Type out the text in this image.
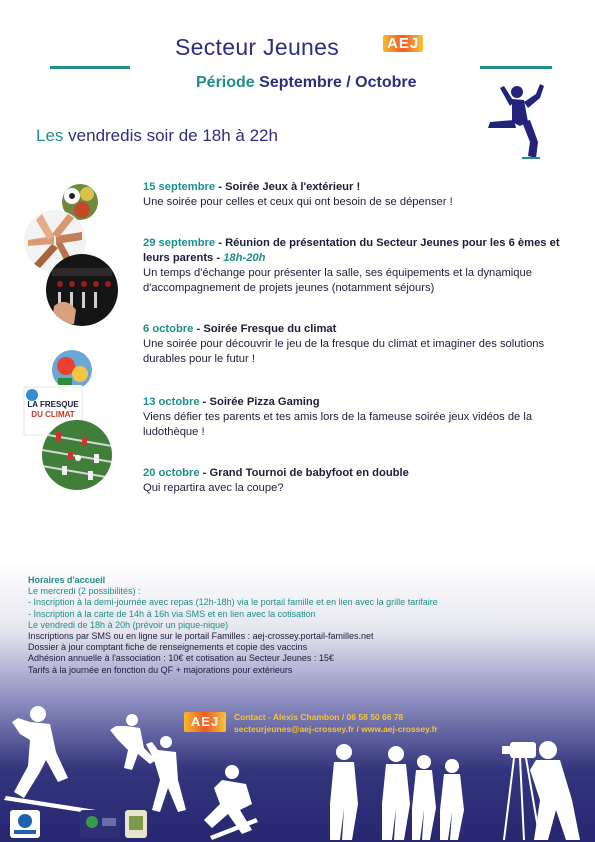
Secteur Jeunes	AEJ
Période Septembre / Octobre
Les vendredis soir de 18h à 22h
LA FRESQUE
DU CLIMAT
15 septembre - Soirée Jeux à l'extérieur !
Une soirée pour celles et ceux qui ont besoin de se dépenser !
29 septembre - Réunion de présentation du Secteur Jeunes pour les 6 èmes et leurs parents - 18h-20h
Un temps d'échange pour présenter la salle, ses équipements et la dynamique d'accompagnement de projets jeunes (notamment séjours)
6 octobre - Soirée Fresque du climat
Une soirée pour découvrir le jeu de la fresque du climat et imaginer des solutions durables pour le futur !
13 octobre - Soirée Pizza Gaming
Viens défier tes parents et tes amis lors de la fameuse soirée jeux vidéos de la ludothèque !
20 octobre - Grand Tournoi de babyfoot en double
Qui repartira avec la coupe?
Horaires d'accueil
Le mercredi (2 possibilités) :
- Inscription à la demi-journée avec repas (12h-18h) via le portail famille et en lien avec la grille tarifaire
- Inscription à la carte de 14h à 16h via SMS et en lien avec la cotisation
Le vendredi de 18h à 20h (prévoir un pique-nique)
Inscriptions par SMS ou en ligne sur le portail Familles : aej-crossey.portail-familles.net
Dossier à jour comptant fiche de renseignements et copie des vaccins
Adhésion annuelle à l'association : 10€ et cotisation au Secteur Jeunes : 15€
Tarifs à la journée en fonction du QF + majorations pour extérieurs
AEJ	Contact - Alexis Chambon / 06 58 50 66 78
secteurjeunes@aej-crossey.fr / www.aej-crossey.fr
